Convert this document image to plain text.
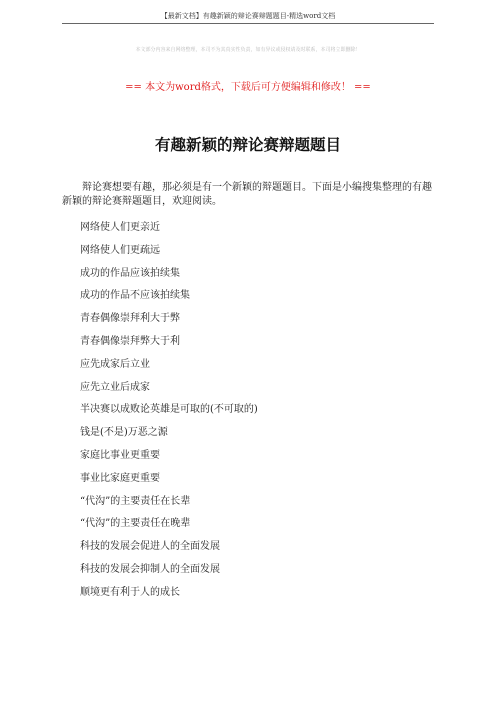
【最新文档】有趣新颖的辩论赛辩题题目-精选word文档
本文部分内容来自网络整理，本司不为其真实性负责，如有异议或侵权请及时联系，本司将立即删除！
== 本文为word格式，下载后可方便编辑和修改！ ==
有趣新颖的辩论赛辩题题目
辩论赛想要有趣，那必须是有一个新颖的辩题题目。下面是小编搜集整理的有趣新颖的辩论赛辩题题目，欢迎阅读。
网络使人们更亲近
网络使人们更疏远
成功的作品应该拍续集
成功的作品不应该拍续集
青春偶像崇拜利大于弊
青春偶像崇拜弊大于利
应先成家后立业
应先立业后成家
半决赛以成败论英雄是可取的(不可取的)
钱是(不是)万恶之源
家庭比事业更重要
事业比家庭更重要
“代沟”的主要责任在长辈
“代沟”的主要责任在晚辈
科技的发展会促进人的全面发展
科技的发展会抑制人的全面发展
顺境更有利于人的成长
